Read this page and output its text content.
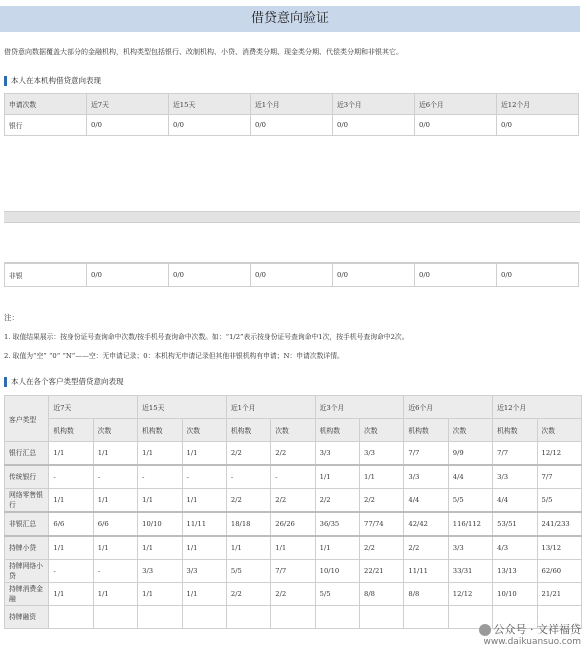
借贷意向验证
借贷意向数据覆盖大部分的金融机构，机构类型包括银行、改制机构、小贷、消费类分期、现金类分期、代偿类分期和非银其它。
本人在本机构借贷意向表现
申请次数	近7天	近15天	近1个月	近3个月	近6个月	近12个月
银行	0/0	0/0	0/0	0/0	0/0	0/0
非银	0/0	0/0	0/0	0/0	0/0	0/0
注：
1. 取值结果展示：按身份证号查询命中次数/按手机号查询命中次数。如：“1/2”表示按身份证号查询命中1次，按手机号查询命中2次。
2. 取值为“空” “0” “N”——空：无申请记录；0：本机构无申请记录但其他非银机构有申请；N：申请次数详情。
本人在各个客户类型借贷意向表现
客户类型	近7天		近15天		近1个月		近3个月		近6个月		近12个月	
	机构数	次数	机构数	次数	机构数	次数	机构数	次数	机构数	次数	机构数	次数
银行汇总	1/1	1/1	1/1	1/1	2/2	2/2	3/3	3/3	7/7	9/9	7/7	12/12
传统银行	-	-	-	-	-	-	1/1	1/1	3/3	4/4	3/3	7/7
网络零售银行	1/1	1/1	1/1	1/1	2/2	2/2	2/2	2/2	4/4	5/5	4/4	5/5
非银汇总	6/6	6/6	10/10	11/11	18/18	26/26	36/35	77/74	42/42	116/112	53/51	241/233
持牌小贷	1/1	1/1	1/1	1/1	1/1	1/1	1/1	2/2	2/2	3/3	4/3	13/12
持牌网络小贷	-	-	3/3	3/3	5/5	7/7	10/10	22/21	11/11	33/31	13/13	62/60
持牌消费金融	1/1	1/1	1/1	1/1	2/2	2/2	5/5	8/8	8/8	12/12	10/10	21/21
持牌融资												
公众号 · 文祥福贷
www.daikuansuo.com
